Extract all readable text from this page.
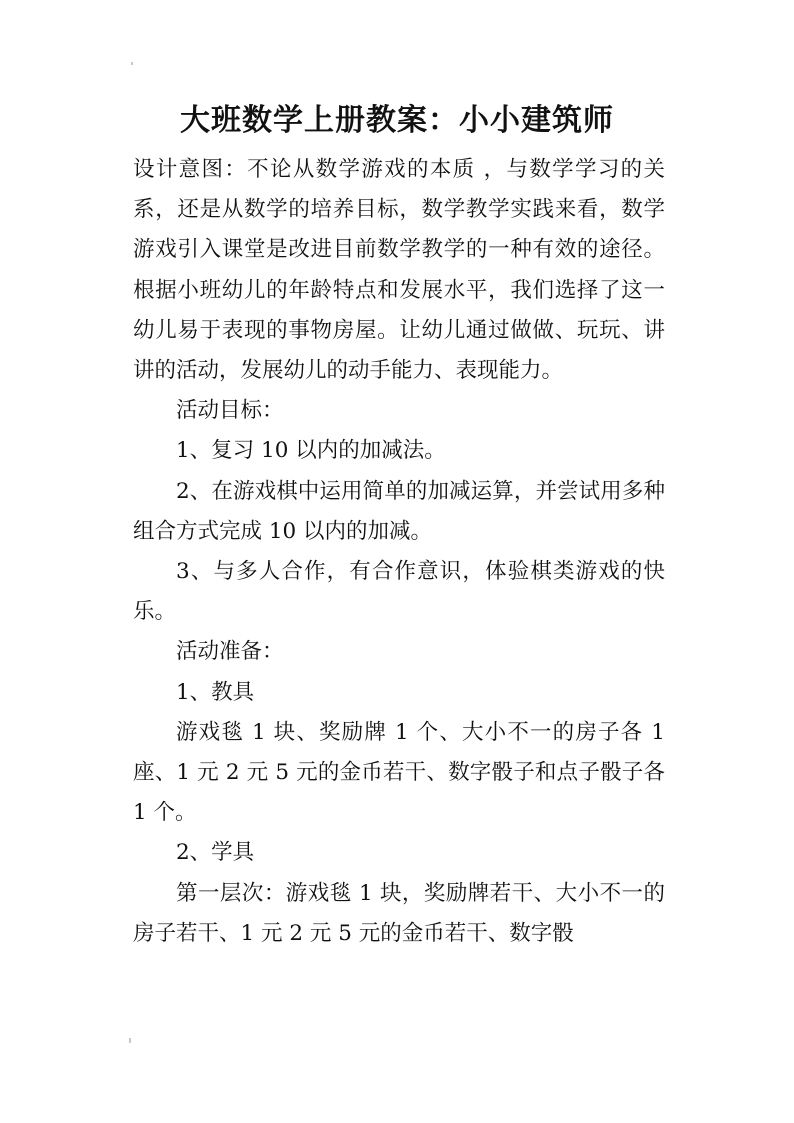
大班数学上册教案：小小建筑师

设计意图：不论从数学游戏的本质 ，与数学学习的关系，还是从数学的培养目标，数学教学实践来看，数学游戏引入课堂是改进目前数学教学的一种有效的途径。根据小班幼儿的年龄特点和发展水平，我们选择了这一幼儿易于表现的事物房屋。让幼儿通过做做、玩玩、讲讲的活动，发展幼儿的动手能力、表现能力。

活动目标：

1、复习 10 以内的加减法。

2、在游戏棋中运用简单的加减运算，并尝试用多种组合方式完成 10 以内的加减。

3、与多人合作，有合作意识，体验棋类游戏的快乐。

活动准备：

1、教具

游戏毯 1 块、奖励牌 1 个、大小不一的房子各 1 座、1 元 2 元 5 元的金币若干、数字骰子和点子骰子各 1 个。

2、学具

第一层次：游戏毯 1 块，奖励牌若干、大小不一的房子若干、1 元 2 元 5 元的金币若干、数字骰
